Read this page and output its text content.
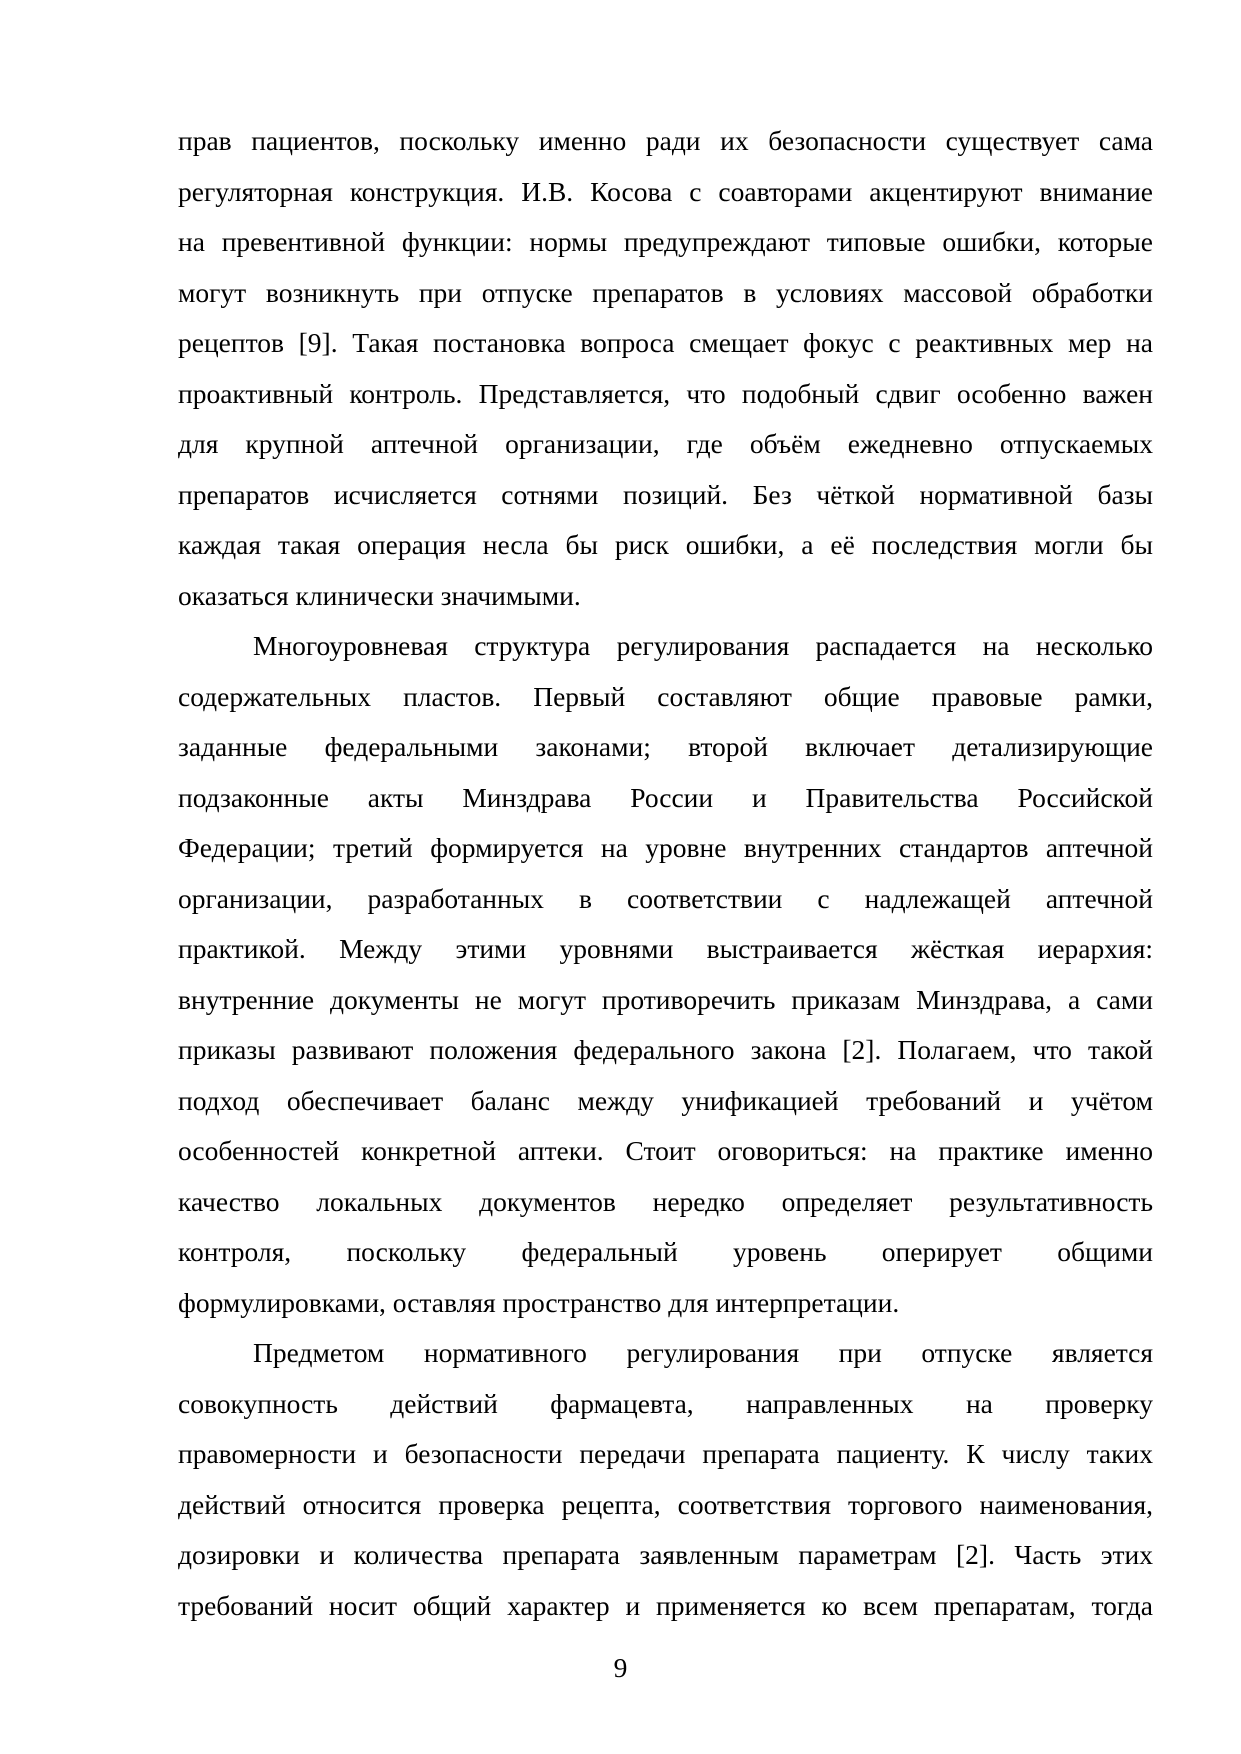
прав пациентов, поскольку именно ради их безопасности существует сама
регуляторная конструкция. И.В. Косова с соавторами акцентируют внимание
на превентивной функции: нормы предупреждают типовые ошибки, которые
могут возникнуть при отпуске препаратов в условиях массовой обработки
рецептов [9]. Такая постановка вопроса смещает фокус с реактивных мер на
проактивный контроль. Представляется, что подобный сдвиг особенно важен
для крупной аптечной организации, где объём ежедневно отпускаемых
препаратов исчисляется сотнями позиций. Без чёткой нормативной базы
каждая такая операция несла бы риск ошибки, а её последствия могли бы
оказаться клинически значимыми.
Многоуровневая структура регулирования распадается на несколько
содержательных пластов. Первый составляют общие правовые рамки,
заданные федеральными законами; второй включает детализирующие
подзаконные акты Минздрава России и Правительства Российской
Федерации; третий формируется на уровне внутренних стандартов аптечной
организации, разработанных в соответствии с надлежащей аптечной
практикой. Между этими уровнями выстраивается жёсткая иерархия:
внутренние документы не могут противоречить приказам Минздрава, а сами
приказы развивают положения федерального закона [2]. Полагаем, что такой
подход обеспечивает баланс между унификацией требований и учётом
особенностей конкретной аптеки. Стоит оговориться: на практике именно
качество локальных документов нередко определяет результативность
контроля, поскольку федеральный уровень оперирует общими
формулировками, оставляя пространство для интерпретации.
Предметом нормативного регулирования при отпуске является
совокупность действий фармацевта, направленных на проверку
правомерности и безопасности передачи препарата пациенту. К числу таких
действий относится проверка рецепта, соответствия торгового наименования,
дозировки и количества препарата заявленным параметрам [2]. Часть этих
требований носит общий характер и применяется ко всем препаратам, тогда
9
